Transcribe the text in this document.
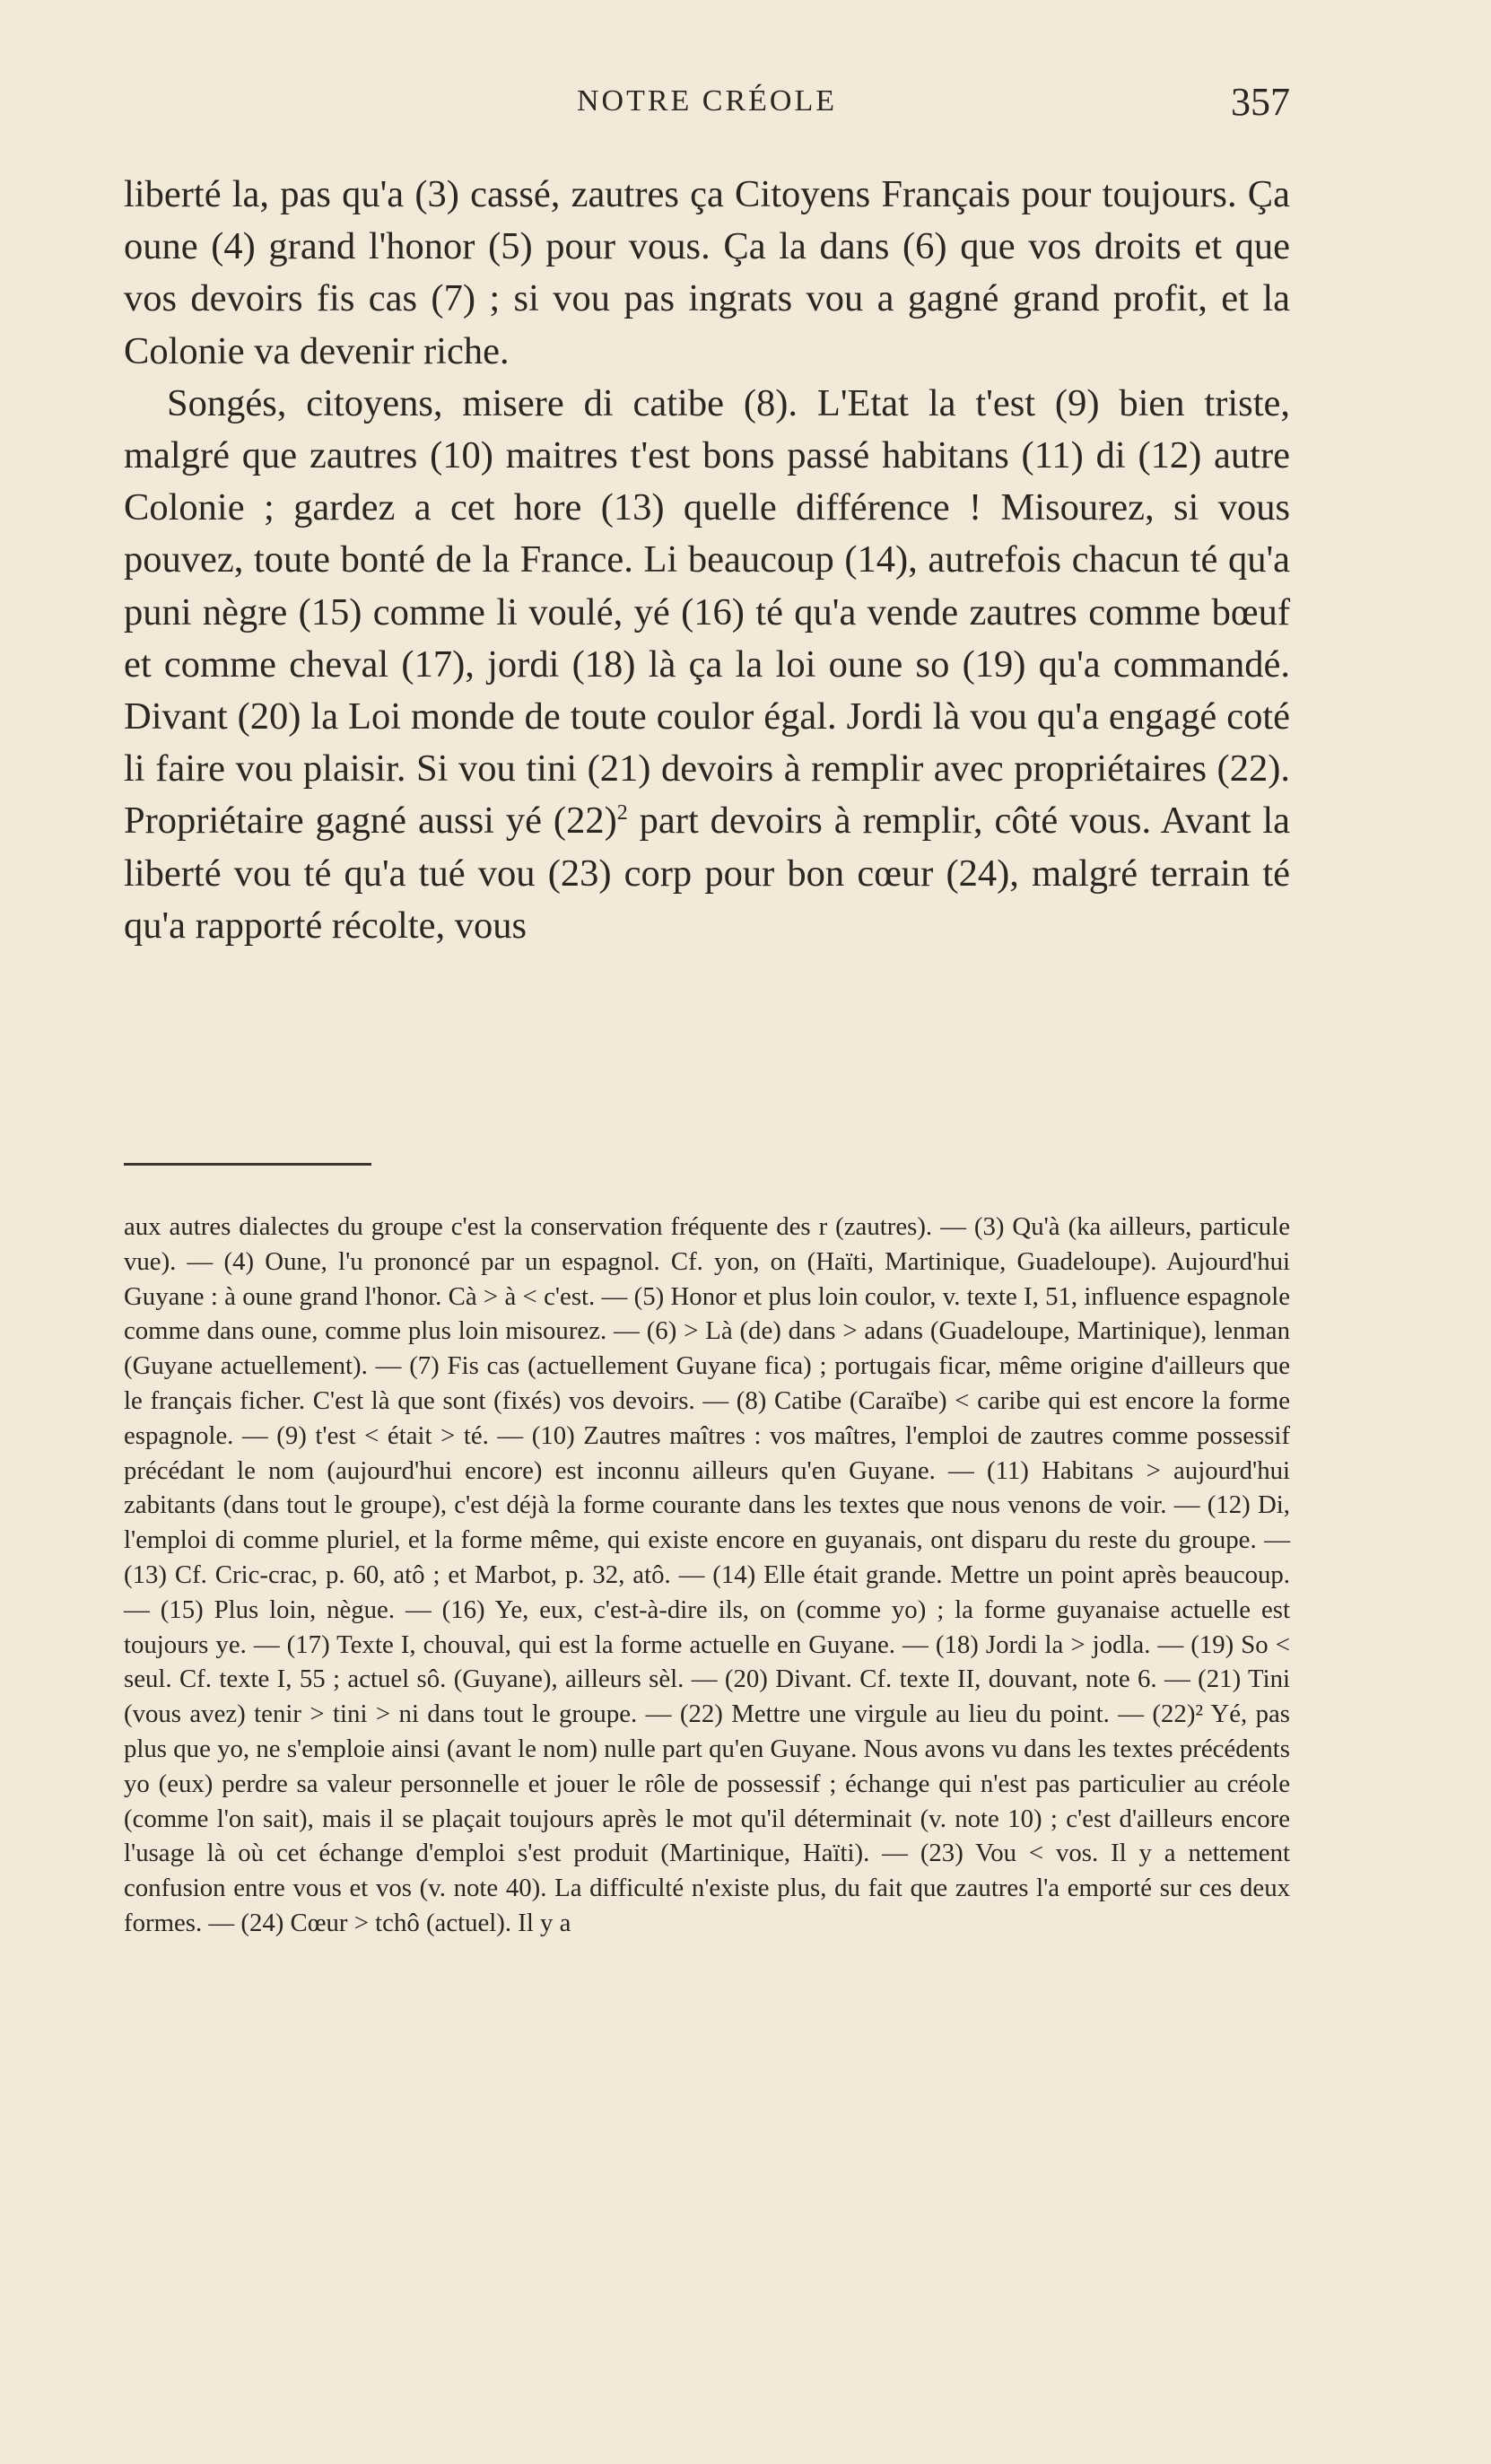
NOTRE CRÉOLE	357

liberté la, pas qu'a (3) cassé, zautres ça Citoyens Français pour toujours. Ça oune (4) grand l'honor (5) pour vous. Ça la dans (6) que vos droits et que vos devoirs fis cas (7) ; si vou pas ingrats vou a gagné grand profit, et la Colonie va devenir riche.

Songés, citoyens, misere di catibe (8). L'Etat la t'est (9) bien triste, malgré que zautres (10) maitres t'est bons passé habitans (11) di (12) autre Colonie ; gardez a cet hore (13) quelle différence ! Misourez, si vous pouvez, toute bonté de la France. Li beaucoup (14), autrefois chacun té qu'a puni nègre (15) comme li voulé, yé (16) té qu'a vende zautres comme bœuf et comme cheval (17), jordi (18) là ça la loi oune so (19) qu'a commandé. Divant (20) la Loi monde de toute coulor égal. Jordi là vou qu'a engagé coté li faire vou plaisir. Si vou tini (21) devoirs à remplir avec propriétaires (22). Propriétaire gagné aussi yé $(22)^2$ part devoirs à remplir, côté vous. Avant la liberté vou té qu'a tué vou (23) corp pour bon cœur (24), malgré terrain té qu'a rapporté récolte, vous

aux autres dialectes du groupe c'est la conservation fréquente des r (zautres). — (3) Qu'à (ka ailleurs, particule vue). — (4) Oune, l'u prononcé par un espagnol. Cf. yon, on (Haïti, Martinique, Guadeloupe). Aujourd'hui Guyane : à oune grand l'honor. Cà > à < c'est. — (5) Honor et plus loin coulor, v. texte I, 51, influence espagnole comme dans oune, comme plus loin misourez. — (6) > Là (de) dans > adans (Guadeloupe, Martinique), lenman (Guyane actuellement). — (7) Fis cas (actuellement Guyane fica) ; portugais ficar, même origine d'ailleurs que le français ficher. C'est là que sont (fixés) vos devoirs. — (8) Catibe (Caraïbe) < caribe qui est encore la forme espagnole. — (9) t'est < était > té. — (10) Zautres maîtres : vos maîtres, l'emploi de zautres comme possessif précédant le nom (aujourd'hui encore) est inconnu ailleurs qu'en Guyane. — (11) Habitans > aujourd'hui zabitants (dans tout le groupe), c'est déjà la forme courante dans les textes que nous venons de voir. — (12) Di, l'emploi di comme pluriel, et la forme même, qui existe encore en guyanais, ont disparu du reste du groupe. — (13) Cf. Cric-crac, p. 60, atô ; et Marbot, p. 32, atô. — (14) Elle était grande. Mettre un point après beaucoup. — (15) Plus loin, nègue. — (16) Ye, eux, c'est-à-dire ils, on (comme yo) ; la forme guyanaise actuelle est toujours ye. — (17) Texte I, chouval, qui est la forme actuelle en Guyane. — (18) Jordi la > jodla. — (19) So < seul. Cf. texte I, 55 ; actuel sô. (Guyane), ailleurs sèl. — (20) Divant. Cf. texte II, douvant, note 6. — (21) Tini (vous avez) tenir > tini > ni dans tout le groupe. — (22) Mettre une virgule au lieu du point. — (22)² Yé, pas plus que yo, ne s'emploie ainsi (avant le nom) nulle part qu'en Guyane. Nous avons vu dans les textes précédents yo (eux) perdre sa valeur personnelle et jouer le rôle de possessif ; échange qui n'est pas particulier au créole (comme l'on sait), mais il se plaçait toujours après le mot qu'il déterminait (v. note 10) ; c'est d'ailleurs encore l'usage là où cet échange d'emploi s'est produit (Martinique, Haïti). — (23) Vou < vos. Il y a nettement confusion entre vous et vos (v. note 40). La difficulté n'existe plus, du fait que zautres l'a emporté sur ces deux formes. — (24) Cœur > tchô (actuel). Il y a
